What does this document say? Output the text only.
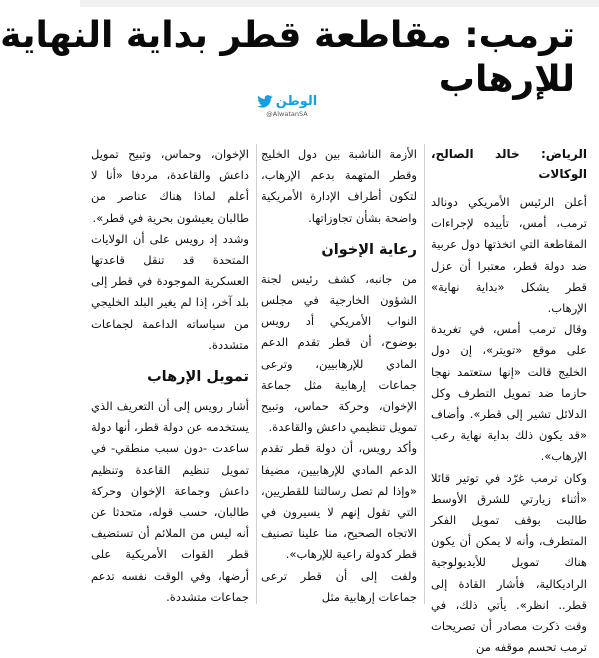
ترمب: مقاطعة قطر بداية النهاية
للإرهاب
الوطن
@AlwatanSA
الرياض: خالد الصالح، الوكالات

أعلن الرئيس الأمريكي دونالد ترمب، أمس، تأييده لإجراءات المقاطعة التي اتخذتها دول عربية ضد دولة قطر، معتبرا أن عزل قطر يشكل «بداية نهاية» الإرهاب.

وقال ترمب أمس، في تغريدة على موقع «تويتر»، إن دول الخليج قالت «إنها ستعتمد نهجا حازما ضد تمويل التطرف وكل الدلائل تشير إلى قطر». وأضاف «قد يكون ذلك بداية نهاية رعب الإرهاب».

وكان ترمب غرّد في توتير قائلا «أثناء زيارتي للشرق الأوسط طالبت بوقف تمويل الفكر المتطرف، وأنه لا يمكن أن يكون هناك تمويل للأيديولوجية الراديكالية، فأشار القادة إلى قطر.. انظر». يأتي ذلك، في وقت ذكرت مصادر أن تصريحات ترمب تحسم موقفه من

الأزمة الناشبة بين دول الخليج وقطر المتهمة بدعم الإرهاب، لتكون أطراف الإدارة الأمريكية واضحة بشأن تجاوزاتها.

رعاية الإخوان

من جانبه، كشف رئيس لجنة الشؤون الخارجية في مجلس النواب الأمريكي أد رويس بوضوح، أن قطر تقدم الدعم المادي للإرهابيين، وترعى جماعات إرهابية مثل جماعة الإخوان، وحركة حماس، وتبيح تمويل تنظيمي داعش والقاعدة.

وأكد رويس، أن دولة قطر تقدم الدعم المادي للإرهابيين، مضيفا «وإذا لم تصل رسالتنا للقطريين، التي تقول إنهم لا يسيرون في الاتجاه الصحيح، منا علينا تصنيف قطر كدولة راعية للإرهاب».

ولفت إلى أن قطر ترعى جماعات إرهابية مثل

الإخوان، وحماس، وتبيح تمويل داعش والقاعدة، مردفا «أنا لا أعلم لماذا هناك عناصر من طالبان يعيشون بحرية في قطر».

وشدد إد رويس على أن الولايات المتحدة قد تنقل قاعدتها العسكرية الموجودة في قطر إلى بلد آخر، إذا لم يغير البلد الخليجي من سياساته الداعمة لجماعات متشددة.

تمويل الإرهاب

أشار رويس إلى أن التعريف الذي يستخدمه عن دولة قطر، أنها دولة ساعدت -دون سبب منطقي- في تمويل تنظيم القاعدة وتنظيم داعش وجماعة الإخوان وحركة طالبان، حسب قوله، متحدثا عن أنه ليس من الملائم أن تستضيف قطر القوات الأمريكية على أرضها، وفي الوقت نفسه تدعم جماعات متشددة.
